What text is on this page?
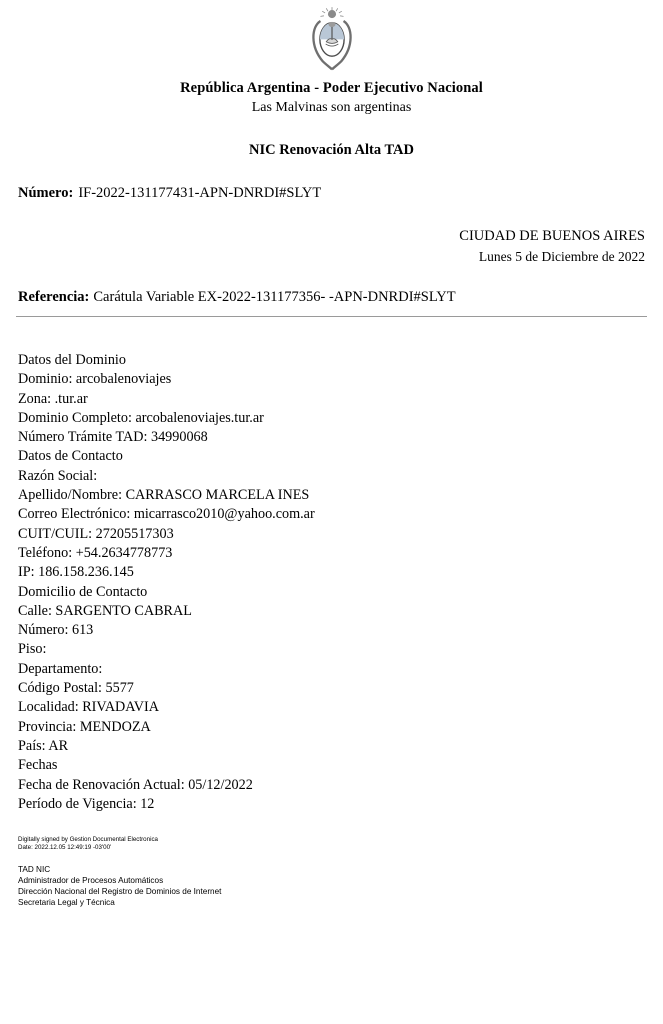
República Argentina - Poder Ejecutivo Nacional
Las Malvinas son argentinas
NIC Renovación Alta TAD
Número: IF-2022-131177431-APN-DNRDI#SLYT
CIUDAD DE BUENOS AIRES
Lunes 5 de Diciembre de 2022
Referencia: Carátula Variable EX-2022-131177356- -APN-DNRDI#SLYT
Datos del Dominio
Dominio: arcobalenoviajes
Zona: .tur.ar
Dominio Completo: arcobalenoviajes.tur.ar
Número Trámite TAD: 34990068
Datos de Contacto
Razón Social:
Apellido/Nombre: CARRASCO MARCELA INES
Correo Electrónico: micarrasco2010@yahoo.com.ar
CUIT/CUIL: 27205517303
Teléfono: +54.2634778773
IP: 186.158.236.145
Domicilio de Contacto
Calle: SARGENTO CABRAL
Número: 613
Piso:
Departamento:
Código Postal: 5577
Localidad: RIVADAVIA
Provincia: MENDOZA
País: AR
Fechas
Fecha de Renovación Actual: 05/12/2022
Período de Vigencia: 12
Digitally signed by Gestion Documental Electronica
Date: 2022.12.05 12:49:19 -03'00'
TAD NIC
Administrador de Procesos Automáticos
Dirección Nacional del Registro de Dominios de Internet
Secretaria Legal y Técnica
